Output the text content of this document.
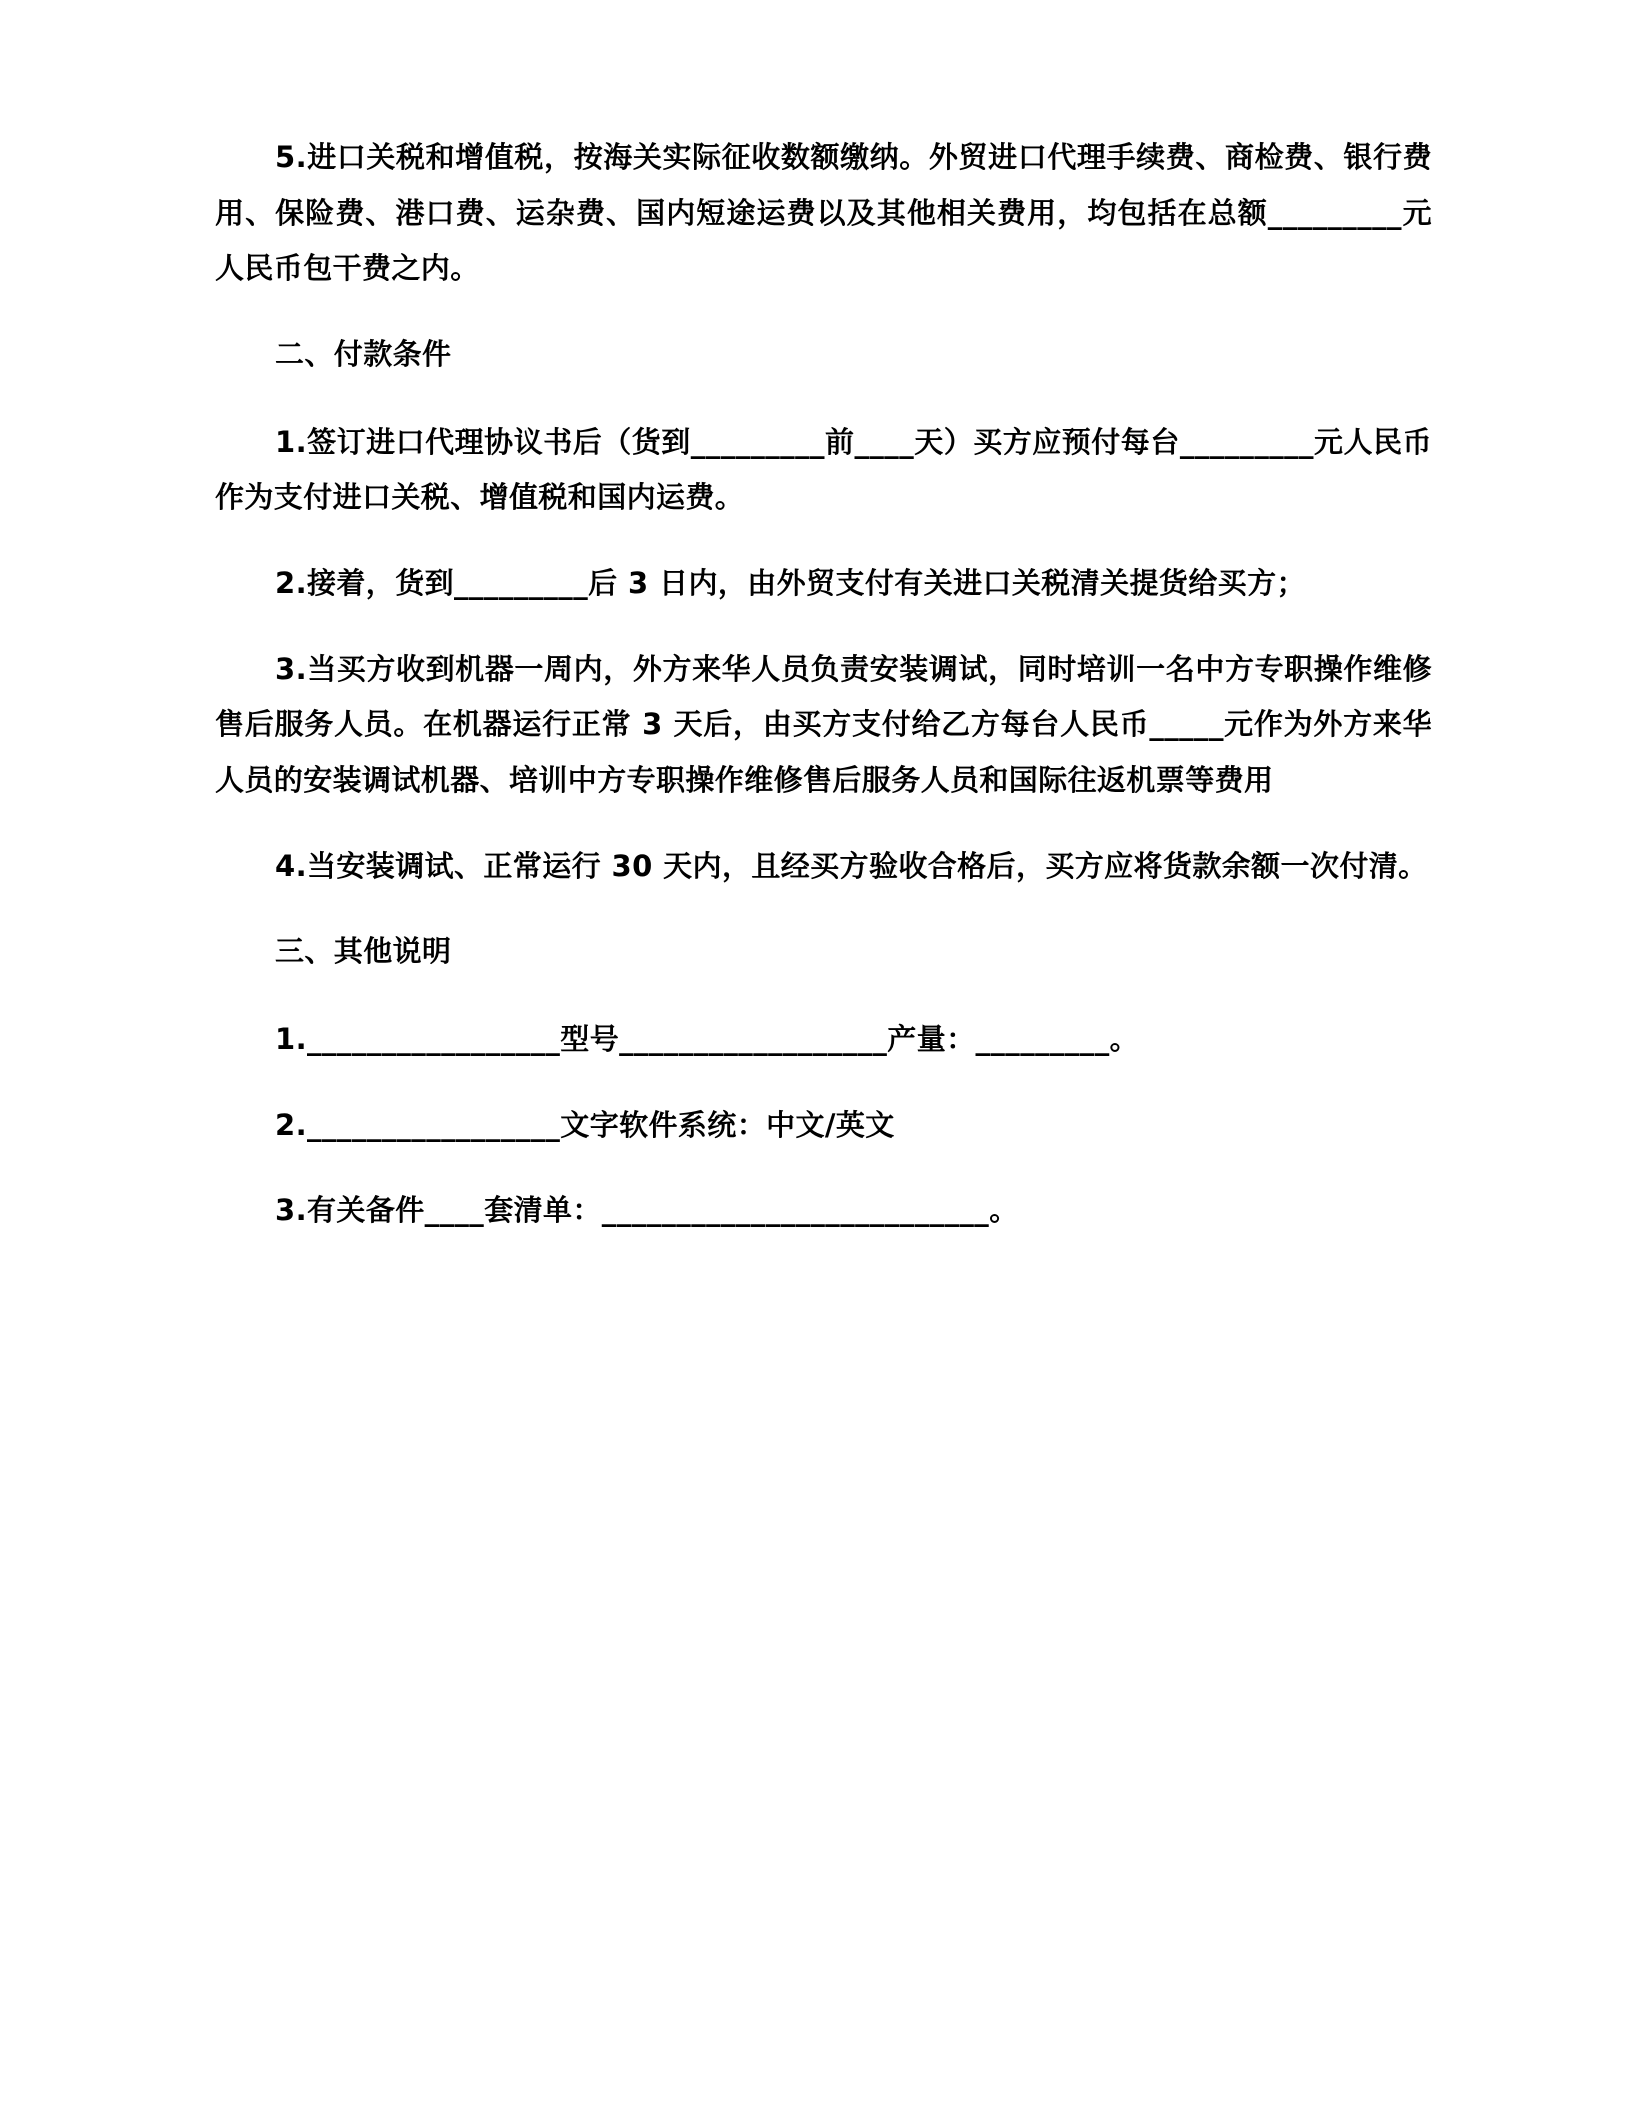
5.进口关税和增值税，按海关实际征收数额缴纳。外贸进口代理手续费、商检费、银行费用、保险费、港口费、运杂费、国内短途运费以及其他相关费用，均包括在总额_________元人民币包干费之内。

二、付款条件

1.签订进口代理协议书后（货到_________前____天）买方应预付每台_________元人民币作为支付进口关税、增值税和国内运费。

2.接着，货到_________后 3 日内，由外贸支付有关进口关税清关提货给买方；

3.当买方收到机器一周内，外方来华人员负责安装调试，同时培训一名中方专职操作维修售后服务人员。在机器运行正常 3 天后，由买方支付给乙方每台人民币_____元作为外方来华人员的安装调试机器、培训中方专职操作维修售后服务人员和国际往返机票等费用

4.当安装调试、正常运行 30 天内，且经买方验收合格后，买方应将货款余额一次付清。

三、其他说明

1._________________型号__________________产量：_________。

2._________________文字软件系统：中文/英文

3.有关备件____套清单：__________________________。
